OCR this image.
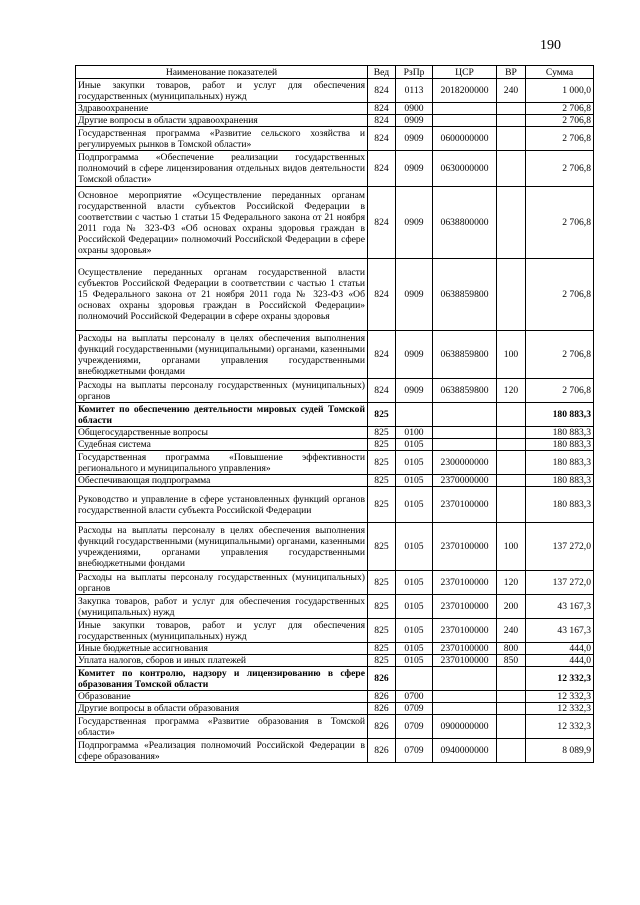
190
Наименование показателей	Вед	РзПр	ЦСР	ВР	Сумма
Иные закупки товаров, работ и услуг для обеспечения государственных (муниципальных) нужд	824	0113	2018200000	240	1 000,0
Здравоохранение	824	0900			2 706,8
Другие вопросы в области здравоохранения	824	0909			2 706,8
Государственная программа «Развитие сельского хозяйства и регулируемых рынков в Томской области»	824	0909	0600000000		2 706,8
Подпрограмма «Обеспечение реализации государственных полномочий в сфере лицензирования отдельных видов деятельности Томской области»	824	0909	0630000000		2 706,8
Основное мероприятие «Осуществление переданных органам государственной власти субъектов Российской Федерации в соответствии с частью 1 статьи 15 Федерального закона от 21 ноября 2011 года № 323-ФЗ «Об основах охраны здоровья граждан в Российской Федерации» полномочий Российской Федерации в сфере охраны здоровья»	824	0909	0638800000		2 706,8
Осуществление переданных органам государственной власти субъектов Российской Федерации в соответствии с частью 1 статьи 15 Федерального закона от 21 ноября 2011 года № 323-ФЗ «Об основах охраны здоровья граждан в Российской Федерации» полномочий Российской Федерации в сфере охраны здоровья	824	0909	0638859800		2 706,8
Расходы на выплаты персоналу в целях обеспечения выполнения функций государственными (муниципальными) органами, казенными учреждениями, органами управления государственными внебюджетными фондами	824	0909	0638859800	100	2 706,8
Расходы на выплаты персоналу государственных (муниципальных) органов	824	0909	0638859800	120	2 706,8
Комитет по обеспечению деятельности мировых судей Томской области	825				180 883,3
Общегосударственные вопросы	825	0100			180 883,3
Судебная система	825	0105			180 883,3
Государственная программа «Повышение эффективности регионального и муниципального управления»	825	0105	2300000000		180 883,3
Обеспечивающая подпрограмма	825	0105	2370000000		180 883,3
Руководство и управление в сфере установленных функций органов государственной власти субъекта Российской Федерации	825	0105	2370100000		180 883,3
Расходы на выплаты персоналу в целях обеспечения выполнения функций государственными (муниципальными) органами, казенными учреждениями, органами управления государственными внебюджетными фондами	825	0105	2370100000	100	137 272,0
Расходы на выплаты персоналу государственных (муниципальных) органов	825	0105	2370100000	120	137 272,0
Закупка товаров, работ и услуг для обеспечения государственных (муниципальных) нужд	825	0105	2370100000	200	43 167,3
Иные закупки товаров, работ и услуг для обеспечения государственных (муниципальных) нужд	825	0105	2370100000	240	43 167,3
Иные бюджетные ассигнования	825	0105	2370100000	800	444,0
Уплата налогов, сборов и иных платежей	825	0105	2370100000	850	444,0
Комитет по контролю, надзору и лицензированию в сфере образования Томской области	826				12 332,3
Образование	826	0700			12 332,3
Другие вопросы в области образования	826	0709			12 332,3
Государственная программа «Развитие образования в Томской области»	826	0709	0900000000		12 332,3
Подпрограмма «Реализация полномочий Российской Федерации в сфере образования»	826	0709	0940000000		8 089,9
